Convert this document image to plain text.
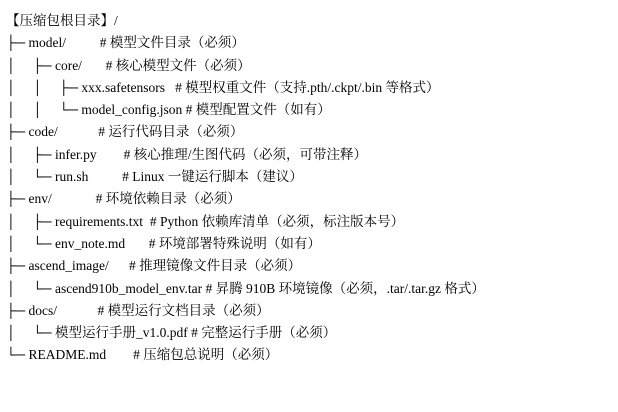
【压缩包根目录】/
├─ model/          # 模型文件目录（必须）
│     ├─ core/       # 核心模型文件（必须）
│     │     ├─ xxx.safetensors   # 模型权重文件（支持.pth/.ckpt/.bin 等格式）
│     │     └─ model_config.json # 模型配置文件（如有）
├─ code/            # 运行代码目录（必须）
│     ├─ infer.py        # 核心推理/生图代码（必须，可带注释）
│     └─ run.sh          # Linux 一键运行脚本（建议）
├─ env/             # 环境依赖目录（必须）
│     ├─ requirements.txt  # Python 依赖库清单（必须，标注版本号）
│     └─ env_note.md       # 环境部署特殊说明（如有）
├─ ascend_image/      # 推理镜像文件目录（必须）
│     └─ ascend910b_model_env.tar # 昇腾 910B 环境镜像（必须，.tar/.tar.gz 格式）
├─ docs/            # 模型运行文档目录（必须）
│     └─ 模型运行手册_v1.0.pdf # 完整运行手册（必须）
└─ README.md        # 压缩包总说明（必须）
